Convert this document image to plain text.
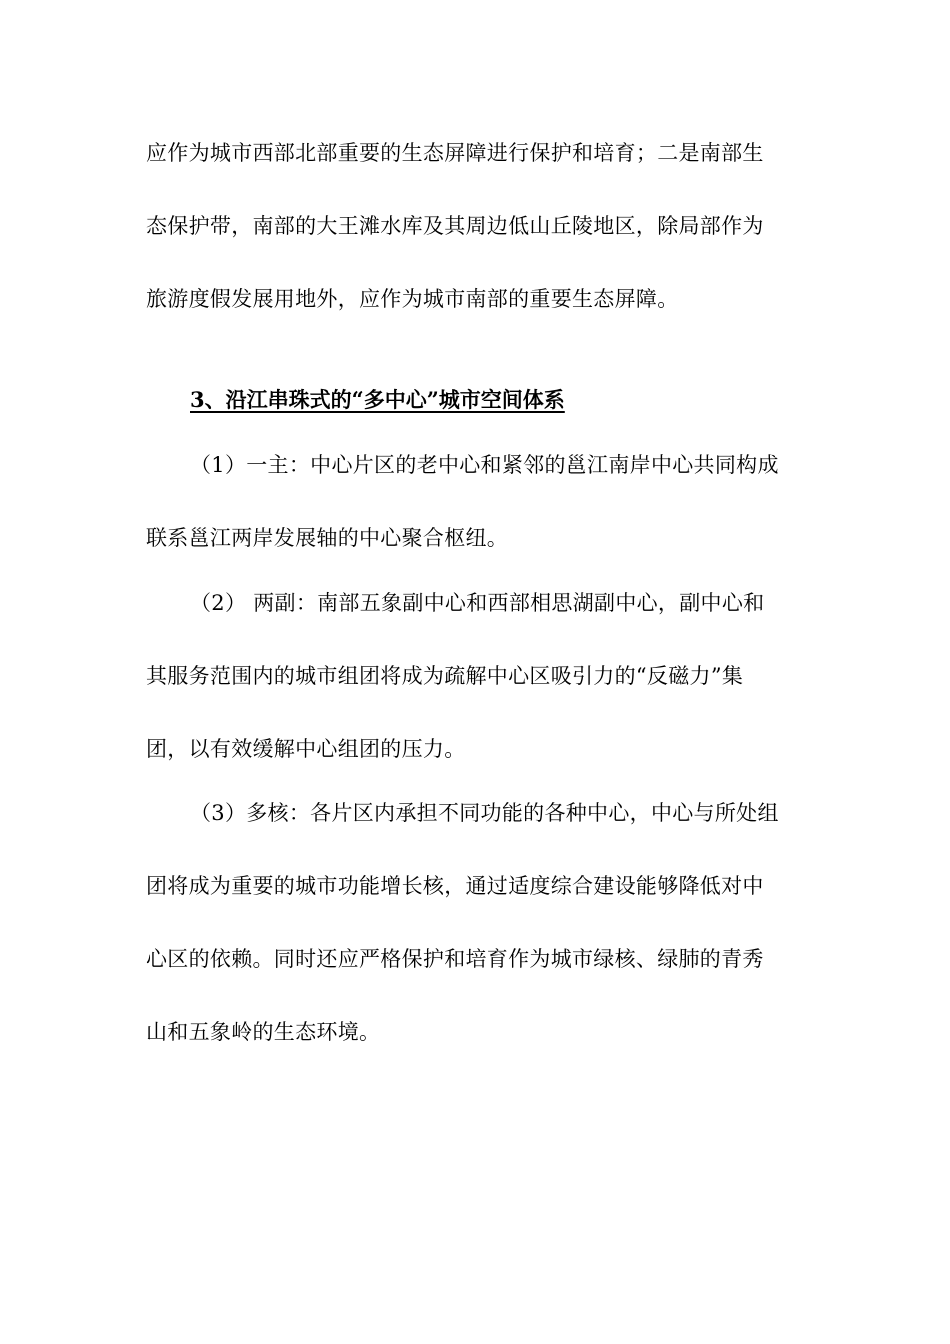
应作为城市西部北部重要的生态屏障进行保护和培育；二是南部生
态保护带，南部的大王滩水库及其周边低山丘陵地区，除局部作为
旅游度假发展用地外，应作为城市南部的重要生态屏障。
3、沿江串珠式的“多中心”城市空间体系
（1）一主：中心片区的老中心和紧邻的邕江南岸中心共同构成
联系邕江两岸发展轴的中心聚合枢纽。
（2） 两副：南部五象副中心和西部相思湖副中心，副中心和
其服务范围内的城市组团将成为疏解中心区吸引力的“反磁力”集
团，以有效缓解中心组团的压力。
（3）多核：各片区内承担不同功能的各种中心，中心与所处组
团将成为重要的城市功能增长核，通过适度综合建设能够降低对中
心区的依赖。同时还应严格保护和培育作为城市绿核、绿肺的青秀
山和五象岭的生态环境。
